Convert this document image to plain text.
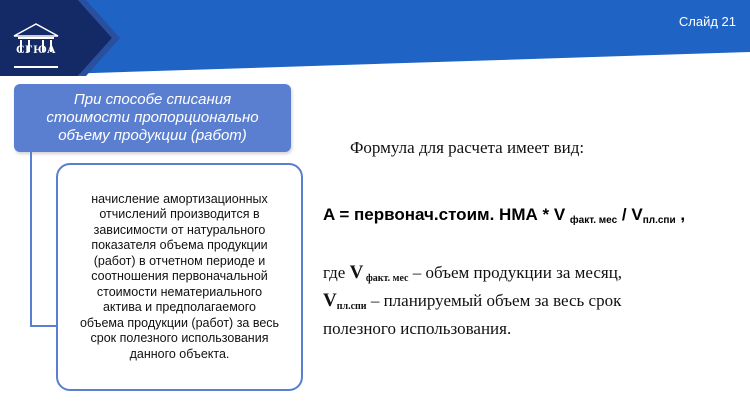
Слайд 21
СГЮА
При способе списания
стоимости пропорционально
объему продукции (работ)
начисление амортизационных
отчислений производится в
зависимости от натурального
показателя объема продукции
(работ) в отчетном периоде и
соотношения первоначальной
стоимости нематериального
актива и предполагаемого
объема продукции (работ) за весь
срок полезного использования
данного объекта.
Формула для расчета имеет вид:
A = первонач.стоим. НМА * V $_{факт. мес} / V_{пл.спи}$ ,
где V $_{факт. мес}$ – объем продукции за месяц,
$V_{пл.спи}$ – планируемый объем за весь срок
полезного использования.
